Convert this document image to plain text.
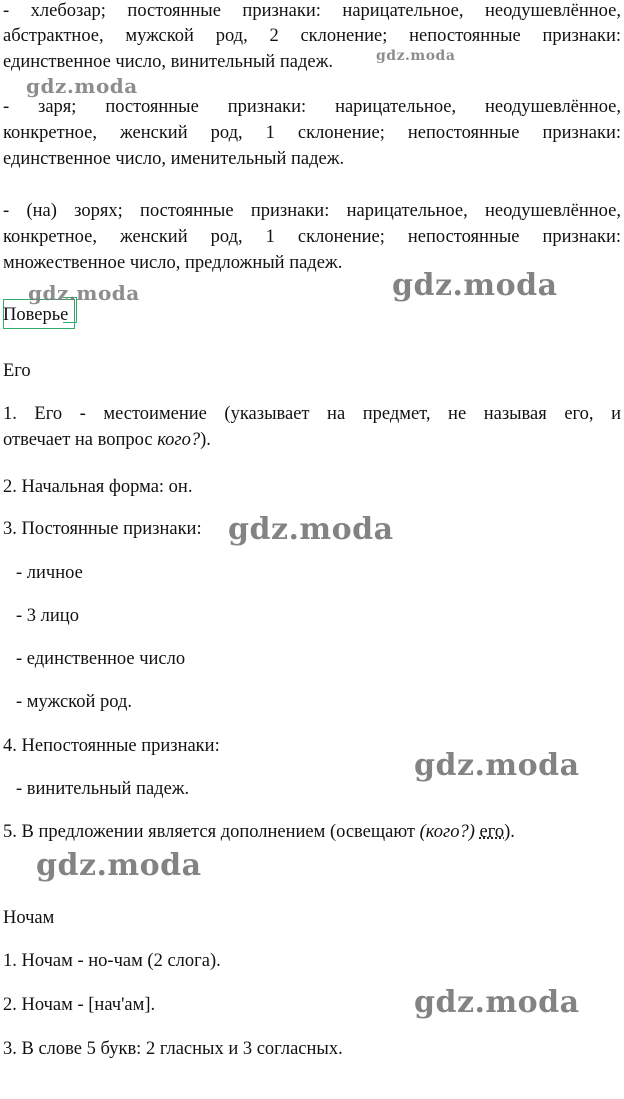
- хлебозар; постоянные признаки: нарицательное, неодушевлённое,
абстрактное, мужской род, 2 склонение; непостоянные признаки:
единственное число, винительный падеж.
- заря; постоянные признаки: нарицательное, неодушевлённое,
конкретное, женский род, 1 склонение; непостоянные признаки:
единственное число, именительный падеж.
- (на) зорях; постоянные признаки: нарицательное, неодушевлённое,
конкретное, женский род, 1 склонение; непостоянные признаки:
множественное число, предложный падеж.
Поверье
Его
1. Его - местоимение (указывает на предмет, не называя его, и
отвечает на вопрос кого?).
2. Начальная форма: он.
3. Постоянные признаки:
- личное
- 3 лицо
- единственное число
- мужской род.
4. Непостоянные признаки:
- винительный падеж.
5. В предложении является дополнением (освещают (кого?) его).
Ночам
1. Ночам - но-чам (2 слога).
2. Ночам - [нач'ам].
3. В слове 5 букв: 2 гласных и 3 согласных.
gdz.moda
gdz.moda
gdz.moda	gdz.moda
gdz.moda
gdz.moda
gdz.moda
gdz.moda
